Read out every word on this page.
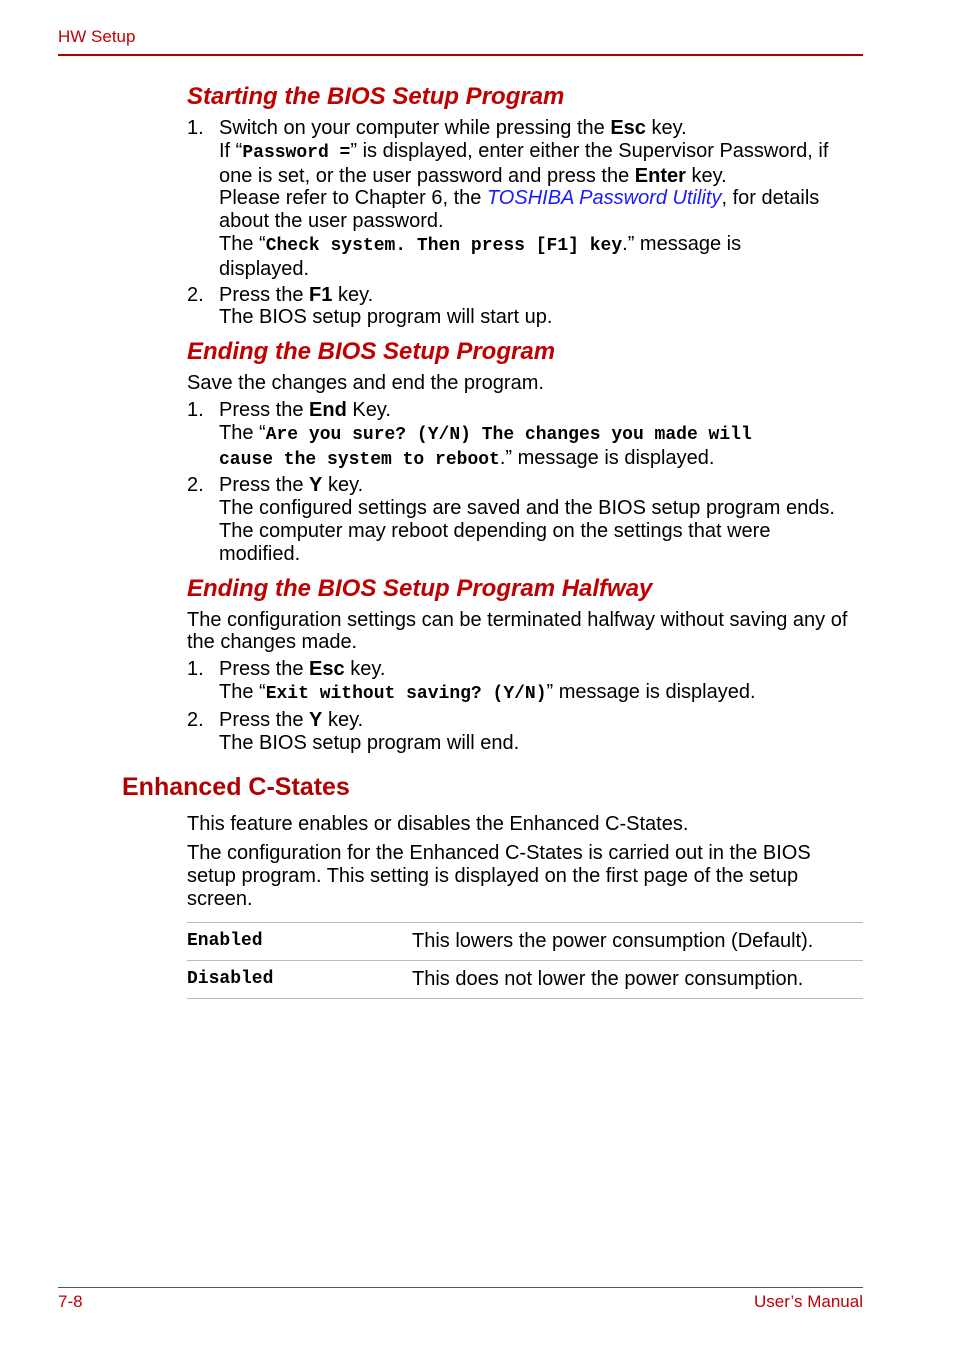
HW Setup
Starting the BIOS Setup Program
1. Switch on your computer while pressing the Esc key.
If “Password =” is displayed, enter either the Supervisor Password, if
one is set, or the user password and press the Enter key.
Please refer to Chapter 6, the TOSHIBA Password Utility, for details
about the user password.
The “Check system. Then press [F1] key.” message is
displayed.
2. Press the F1 key.
The BIOS setup program will start up.
Ending the BIOS Setup Program
Save the changes and end the program.
1. Press the End Key.
The “Are you sure? (Y/N) The changes you made will
cause the system to reboot.” message is displayed.
2. Press the Y key.
The configured settings are saved and the BIOS setup program ends.
The computer may reboot depending on the settings that were
modified.
Ending the BIOS Setup Program Halfway
The configuration settings can be terminated halfway without saving any of
the changes made.
1. Press the Esc key.
The “Exit without saving? (Y/N)” message is displayed.
2. Press the Y key.
The BIOS setup program will end.
Enhanced C-States
This feature enables or disables the Enhanced C-States.
The configuration for the Enhanced C-States is carried out in the BIOS
setup program. This setting is displayed on the first page of the setup
screen.
Enabled	This lowers the power consumption (Default).
Disabled	This does not lower the power consumption.
7-8	User’s Manual
